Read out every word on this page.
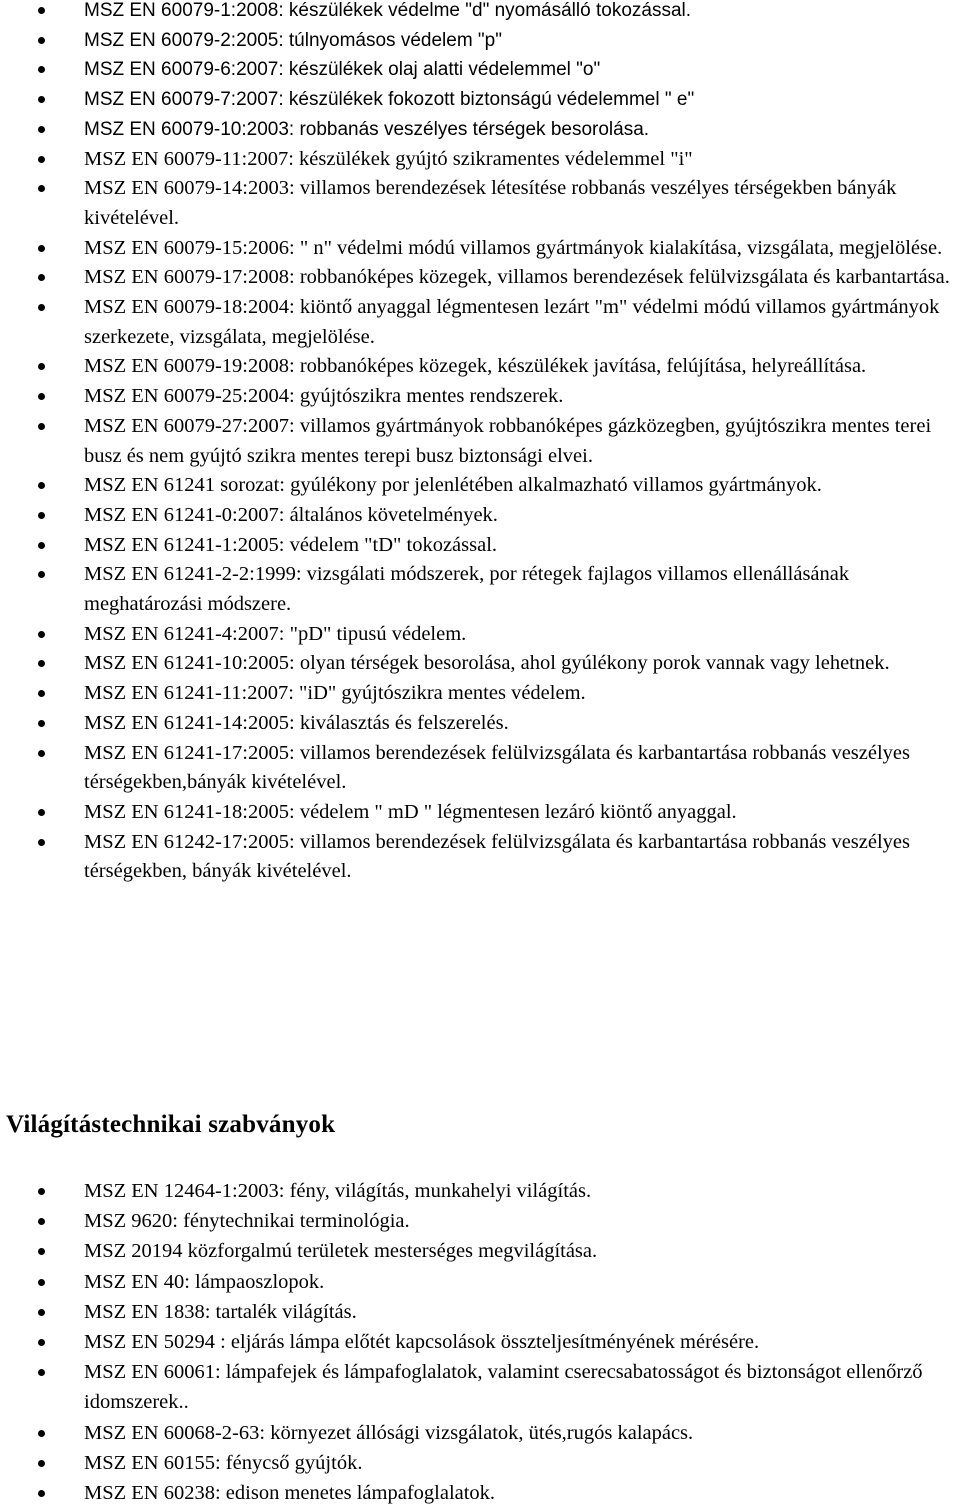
MSZ EN 60079-1:2008: készülékek védelme "d" nyomásálló tokozással.
MSZ EN 60079-2:2005: túlnyomásos védelem "p"
MSZ EN 60079-6:2007: készülékek olaj alatti védelemmel "o"
MSZ EN 60079-7:2007: készülékek fokozott biztonságú védelemmel " e"
MSZ EN 60079-10:2003: robbanás veszélyes térségek besorolása.
MSZ EN 60079-11:2007: készülékek gyújtó szikramentes védelemmel "i"
MSZ EN 60079-14:2003: villamos berendezések létesítése robbanás veszélyes térségekben bányák kivételével.
MSZ EN 60079-15:2006: " n" védelmi módú villamos gyártmányok kialakítása, vizsgálata, megjelölése.
MSZ EN 60079-17:2008: robbanóképes közegek, villamos berendezések felülvizsgálata és karbantartása.
MSZ EN 60079-18:2004: kiöntő anyaggal légmentesen lezárt "m" védelmi módú villamos gyártmányok szerkezete, vizsgálata, megjelölése.
MSZ EN 60079-19:2008: robbanóképes közegek, készülékek javítása, felújítása, helyreállítása.
MSZ EN 60079-25:2004: gyújtószikra mentes rendszerek.
MSZ EN 60079-27:2007: villamos gyártmányok robbanóképes gázközegben, gyújtószikra mentes terei busz és nem gyújtó szikra mentes terepi busz biztonsági elvei.
MSZ EN 61241 sorozat: gyúlékony por jelenlétében alkalmazható villamos gyártmányok.
MSZ EN 61241-0:2007: általános követelmények.
MSZ EN 61241-1:2005: védelem "tD" tokozással.
MSZ EN 61241-2-2:1999: vizsgálati módszerek, por rétegek fajlagos villamos ellenállásának meghatározási módszere.
MSZ EN 61241-4:2007: "pD" tipusú védelem.
MSZ EN 61241-10:2005: olyan térségek besorolása, ahol gyúlékony porok vannak vagy lehetnek.
MSZ EN 61241-11:2007: "iD" gyújtószikra mentes védelem.
MSZ EN 61241-14:2005: kiválasztás és felszerelés.
MSZ EN 61241-17:2005: villamos berendezések felülvizsgálata és karbantartása robbanás veszélyes térségekben,bányák kivételével.
MSZ EN 61241-18:2005: védelem " mD " légmentesen lezáró kiöntő anyaggal.
MSZ EN 61242-17:2005: villamos berendezések felülvizsgálata és karbantartása robbanás veszélyes térségekben, bányák kivételével.
Világítástechnikai szabványok
MSZ EN 12464-1:2003: fény, világítás, munkahelyi világítás.
MSZ 9620: fénytechnikai terminológia.
MSZ 20194 közforgalmú területek mesterséges megvilágítása.
MSZ EN 40: lámpaoszlopok.
MSZ EN 1838: tartalék világítás.
MSZ EN 50294 : eljárás lámpa előtét kapcsolások összteljesítményének mérésére.
MSZ EN 60061: lámpafejek és lámpafoglalatok, valamint cserecsabatosságot és biztonságot ellenőrző idomszerek..
MSZ EN 60068-2-63: környezet állósági vizsgálatok, ütés,rugós kalapács.
MSZ EN 60155: fénycső gyújtók.
MSZ EN 60238: edison menetes lámpafoglalatok.
